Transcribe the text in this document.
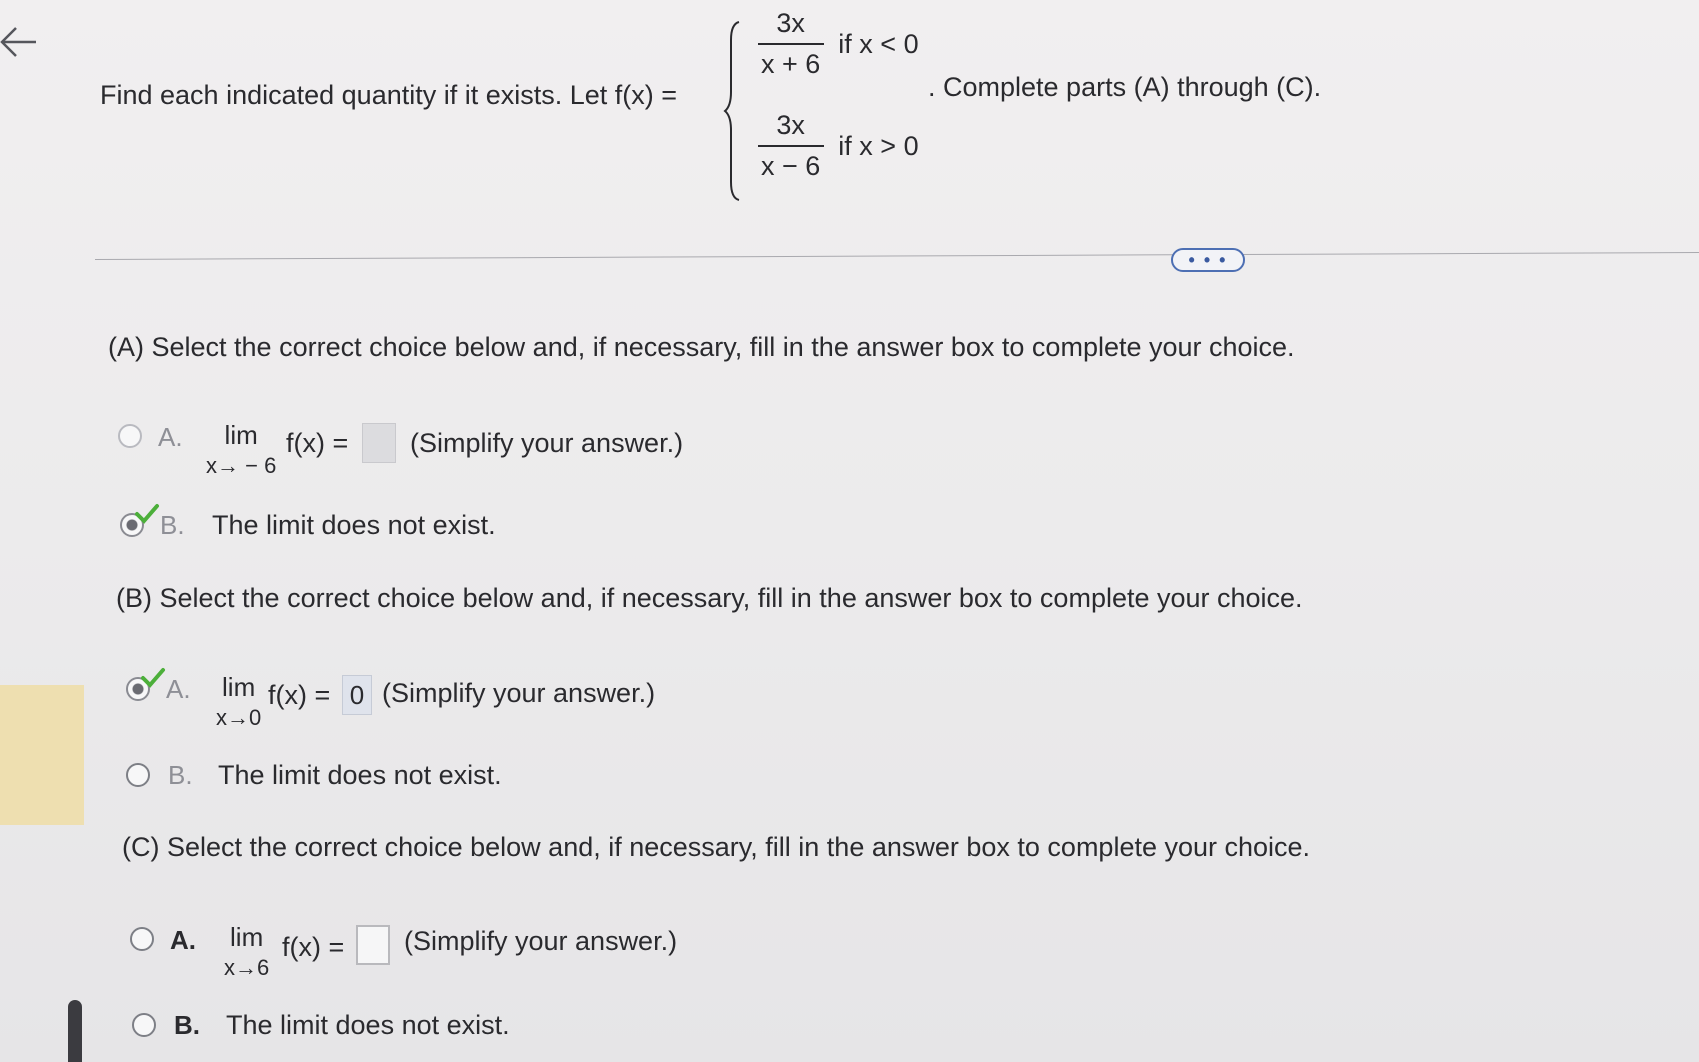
Find each indicated quantity if it exists. Let f(x) =
$\frac{3x}{x + 6}$ if x < 0
$\frac{3x}{x - 6}$ if x > 0
. Complete parts (A) through (C).
• • •
(A) Select the correct choice below and, if necessary, fill in the answer box to complete your choice.
A. lim
x→ − 6
f(x) = (Simplify your answer.)
B. The limit does not exist.
(B) Select the correct choice below and, if necessary, fill in the answer box to complete your choice.
A. lim
x→0
f(x) = 0 (Simplify your answer.)
B. The limit does not exist.
(C) Select the correct choice below and, if necessary, fill in the answer box to complete your choice.
A. lim
x→6
f(x) = (Simplify your answer.)
B. The limit does not exist.
